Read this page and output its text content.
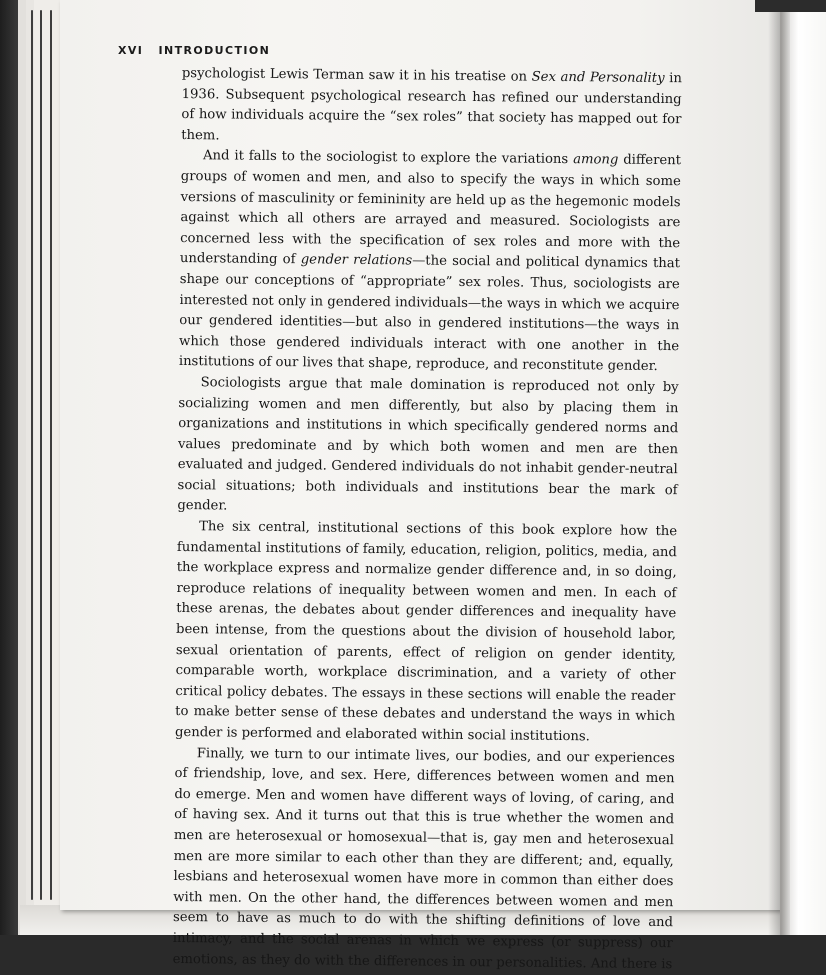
XVI INTRODUCTION

psychologist Lewis Terman saw it in his treatise on Sex and Personality in 1936. Subsequent psychological research has refined our understanding of how individuals acquire the “sex roles” that society has mapped out for them.

And it falls to the sociologist to explore the variations among different groups of women and men, and also to specify the ways in which some versions of masculinity or femininity are held up as the hegemonic models against which all others are arrayed and measured. Sociologists are concerned less with the specification of sex roles and more with the understanding of gender relations—the social and political dynamics that shape our conceptions of “appropriate” sex roles. Thus, sociologists are interested not only in gendered individuals—the ways in which we acquire our gendered identities—but also in gendered institutions—the ways in which those gendered individuals interact with one another in the institutions of our lives that shape, reproduce, and reconstitute gender.

Sociologists argue that male domination is reproduced not only by socializing women and men differently, but also by placing them in organizations and institutions in which specifically gendered norms and values predominate and by which both women and men are then evaluated and judged. Gendered individuals do not inhabit gender-neutral social situations; both individuals and institutions bear the mark of gender.

The six central, institutional sections of this book explore how the fundamental institutions of family, education, religion, politics, media, and the workplace express and normalize gender difference and, in so doing, reproduce relations of inequality between women and men. In each of these arenas, the debates about gender differences and inequality have been intense, from the questions about the division of household labor, sexual orientation of parents, effect of religion on gender identity, comparable worth, workplace discrimination, and a variety of other critical policy debates. The essays in these sections will enable the reader to make better sense of these debates and understand the ways in which gender is performed and elaborated within social institutions.

Finally, we turn to our intimate lives, our bodies, and our experiences of friendship, love, and sex. Here, differences between women and men do emerge. Men and women have different ways of loving, of caring, and of having sex. And it turns out that this is true whether the women and men are heterosexual or homosexual—that is, gay men and heterosexual men are more similar to each other than they are different; and, equally, lesbians and heterosexual women have more in common than either does with men. On the other hand, the differences between women and men seem to have as much to do with the shifting definitions of love and intimacy, and the social arenas in which we express (or suppress) our emotions, as they do with the differences in our personalities. And there is
